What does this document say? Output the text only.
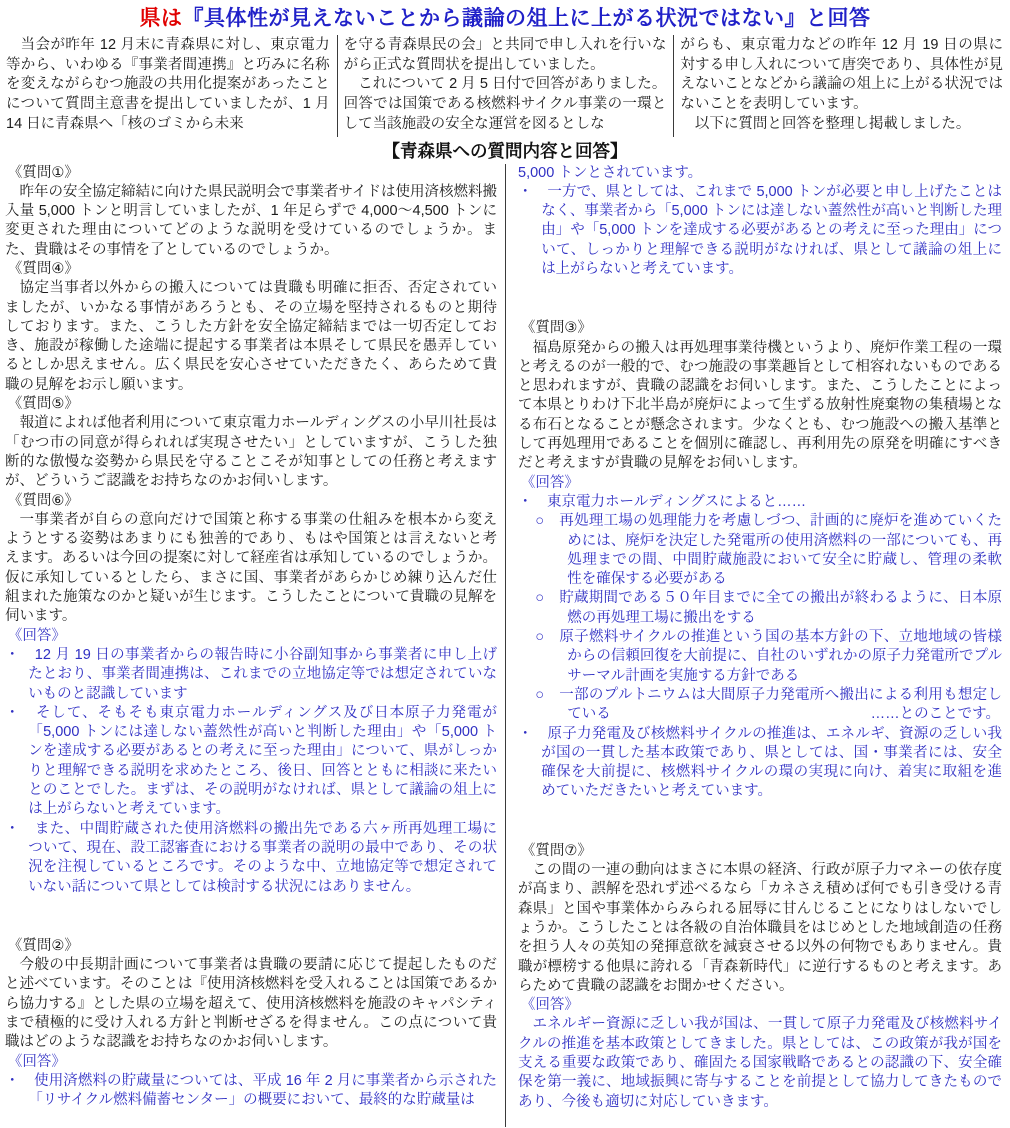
県は『具体性が見えないことから議論の俎上に上がる状況ではない』と回答
当会が昨年 12 月末に青森県に対し、東京電力等から、いわゆる『事業者間連携』と巧みに名称を変えながらむつ施設の共用化提案があったことについて質問主意書を提出していましたが、1 月 14 日に青森県へ「核のゴミから未来
を守る青森県民の会」と共同で申し入れを行いながら正式な質問状を提出していました。
これについて 2 月 5 日付で回答がありました。回答では国策である核燃料サイクル事業の一環として当該施設の安全な運営を図るとしな
がらも、東京電力などの昨年 12 月 19 日の県に対する申し入れについて唐突であり、具体性が見えないことなどから議論の俎上に上がる状況ではないことを表明しています。
以下に質問と回答を整理し掲載しました。
【青森県への質問内容と回答】
《質問①》
昨年の安全協定締結に向けた県民説明会で事業者サイドは使用済核燃料搬入量 5,000 トンと明言していましたが、1 年足らずで 4,000～4,500 トンに変更された理由についてどのような説明を受けているのでしょうか。また、貴職はその事情を了としているのでしょうか。
《質問④》
協定当事者以外からの搬入については貴職も明確に拒否、否定されていましたが、いかなる事情があろうとも、その立場を堅持されるものと期待しております。また、こうした方針を安全協定締結までは一切否定しておき、施設が稼働した途端に提起する事業者は本県そして県民を愚弄しているとしか思えません。広く県民を安心させていただきたく、あらためて貴職の見解をお示し願います。
《質問⑤》
報道によれば他者利用について東京電力ホールディングスの小早川社長は「むつ市の同意が得られれば実現させたい」としていますが、こうした独断的な傲慢な姿勢から県民を守ることこそが知事としての任務と考えますが、どういうご認識をお持ちなのかお伺いします。
《質問⑥》
一事業者が自らの意向だけで国策と称する事業の仕組みを根本から変えようとする姿勢はあまりにも独善的であり、もはや国策とは言えないと考えます。あるいは今回の提案に対して経産省は承知しているのでしょうか。仮に承知しているとしたら、まさに国、事業者があらかじめ練り込んだ仕組まれた施策なのかと疑いが生じます。こうしたことについて貴職の見解を伺います。
《回答》
・　12 月 19 日の事業者からの報告時に小谷副知事から事業者に申し上げたとおり、事業者間連携は、これまでの立地協定等では想定されていないものと認識しています
・　そして、そもそも東京電力ホールディングス及び日本原子力発電が「5,000 トンには達しない蓋然性が高いと判断した理由」や「5,000 トンを達成する必要があるとの考えに至った理由」について、県がしっかりと理解できる説明を求めたところ、後日、回答とともに相談に来たいとのことでした。まずは、その説明がなければ、県として議論の俎上には上がらないと考えています。
・　また、中間貯蔵された使用済燃料の搬出先である六ヶ所再処理工場について、現在、設工認審査における事業者の説明の最中であり、その状況を注視しているところです。そのような中、立地協定等で想定されていない話について県としては検討する状況にはありません。
《質問②》
今般の中長期計画について事業者は貴職の要請に応じて提起したものだと述べています。そのことは『使用済核燃料を受入れることは国策であるから協力する』とした県の立場を超えて、使用済核燃料を施設のキャパシティまで積極的に受け入れる方針と判断せざるを得ません。この点について貴職はどのような認識をお持ちなのかお伺いします。
《回答》
・　使用済燃料の貯蔵量については、平成 16 年 2 月に事業者から示された「リサイクル燃料備蓄センター」の概要において、最終的な貯蔵量は
5,000 トンとされています。
・　一方で、県としては、これまで 5,000 トンが必要と申し上げたことはなく、事業者から「5,000 トンには達しない蓋然性が高いと判断した理由」や「5,000 トンを達成する必要があるとの考えに至った理由」について、しっかりと理解できる説明がなければ、県として議論の俎上には上がらないと考えています。
《質問③》
福島原発からの搬入は再処理事業待機というより、廃炉作業工程の一環と考えるのが一般的で、むつ施設の事業趣旨として相容れないものであると思われますが、貴職の認識をお伺いします。また、こうしたことによって本県とりわけ下北半島が廃炉によって生ずる放射性廃棄物の集積場となる布石となることが懸念されます。少なくとも、むつ施設への搬入基準として再処理用であることを個別に確認し、再利用先の原発を明確にすべきだと考えますが貴職の見解をお伺いします。
《回答》
・　東京電力ホールディングスによると……
○　再処理工場の処理能力を考慮しづつ、計画的に廃炉を進めていくためには、廃炉を決定した発電所の使用済燃料の一部についても、再処理までの間、中間貯蔵施設において安全に貯蔵し、管理の柔軟性を確保する必要がある
○　貯蔵期間である５０年目までに全ての搬出が終わるように、日本原燃の再処理工場に搬出をする
○　原子燃料サイクルの推進という国の基本方針の下、立地地域の皆様からの信頼回復を大前提に、自社のいずれかの原子力発電所でプルサーマル計画を実施する方針である
○　一部のプルトニウムは大間原子力発電所へ搬出による利用も想定している	……とのことです。
・　原子力発電及び核燃料サイクルの推進は、エネルギ、資源の乏しい我が国の一貫した基本政策であり、県としては、国・事業者には、安全確保を大前提に、核燃料サイクルの環の実現に向け、着実に取組を進めていただきたいと考えています。
《質問⑦》
この間の一連の動向はまさに本県の経済、行政が原子力マネーの依存度が高まり、誤解を恐れず述べるなら「カネさえ積めば何でも引き受ける青森県」と国や事業体からみられる屈辱に甘んじることになりはしないでしょうか。こうしたことは各級の自治体職員をはじめとした地域創造の任務を担う人々の英知の発揮意欲を減衰させる以外の何物でもありません。貴職が標榜する他県に誇れる「青森新時代」に逆行するものと考えます。あらためて貴職の認識をお聞かせください。
《回答》
エネルギー資源に乏しい我が国は、一貫して原子力発電及び核燃料サイクルの推進を基本政策としてきました。県としては、この政策が我が国を支える重要な政策であり、確固たる国家戦略であるとの認識の下、安全確保を第一義に、地域振興に寄与することを前提として協力してきたものであり、今後も適切に対応していきます。
